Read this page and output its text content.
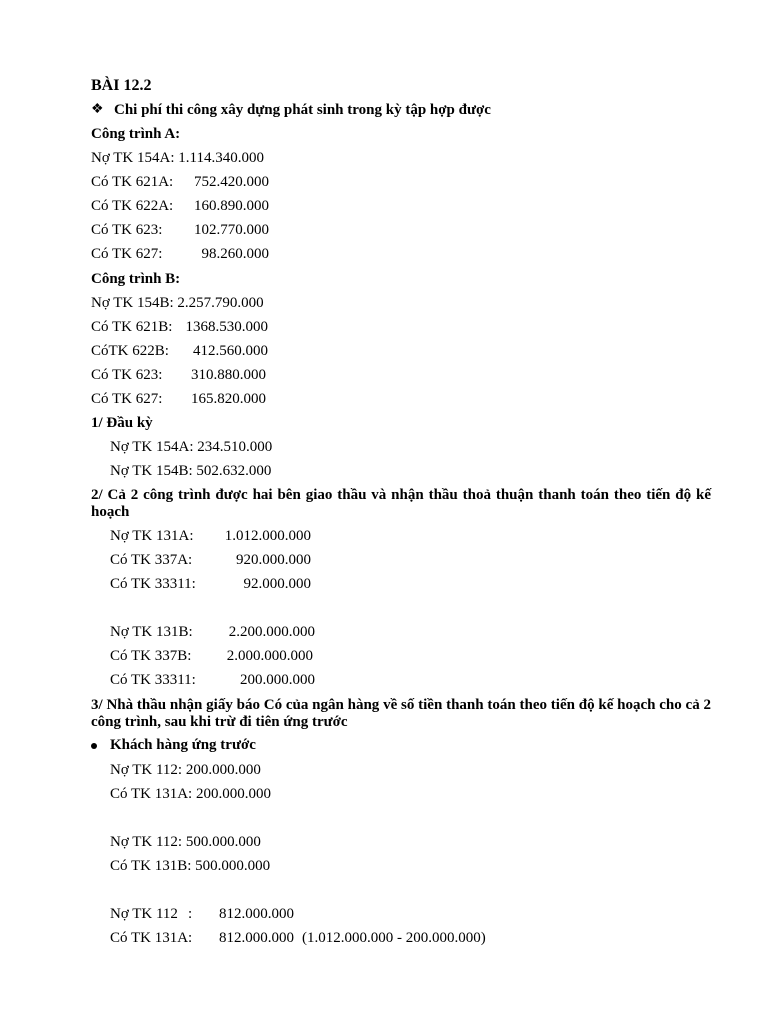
BÀI 12.2
❖ Chi phí thi công xây dựng phát sinh trong kỳ tập hợp được
Công trình A:
Nợ TK 154A: 1.114.340.000
Có TK 621A: 752.420.000
Có TK 622A: 160.890.000
Có TK 623: 102.770.000
Có TK 627:	98.260.000
Công trình B:
Nợ TK 154B: 2.257.790.000
Có TK 621B: 1368.530.000
CóTK 622B: 412.560.000
Có TK 623: 310.880.000
Có TK 627: 165.820.000
1/ Đầu kỳ
Nợ TK 154A: 234.510.000
Nợ TK 154B: 502.632.000
2/ Cả 2 công trình được hai bên giao thầu và nhận thầu thoả thuận thanh toán theo tiến độ kế hoạch
Nợ TK 131A: 1.012.000.000
Có TK 337A:	920.000.000
Có TK 33311:	92.000.000
Nợ TK 131B: 2.200.000.000
Có TK 337B: 2.000.000.000
Có TK 33311:	200.000.000
3/ Nhà thầu nhận giấy báo Có của ngân hàng về số tiền thanh toán theo tiến độ kế hoạch cho cả 2 công trình, sau khi trừ đi tiên ứng trước
Khách hàng ứng trước
Nợ TK 112: 200.000.000
Có TK 131A: 200.000.000
Nợ TK 112: 500.000.000
Có TK 131B: 500.000.000
Nợ TK 112 : 812.000.000
Có TK 131A: 812.000.000 (1.012.000.000 - 200.000.000)
